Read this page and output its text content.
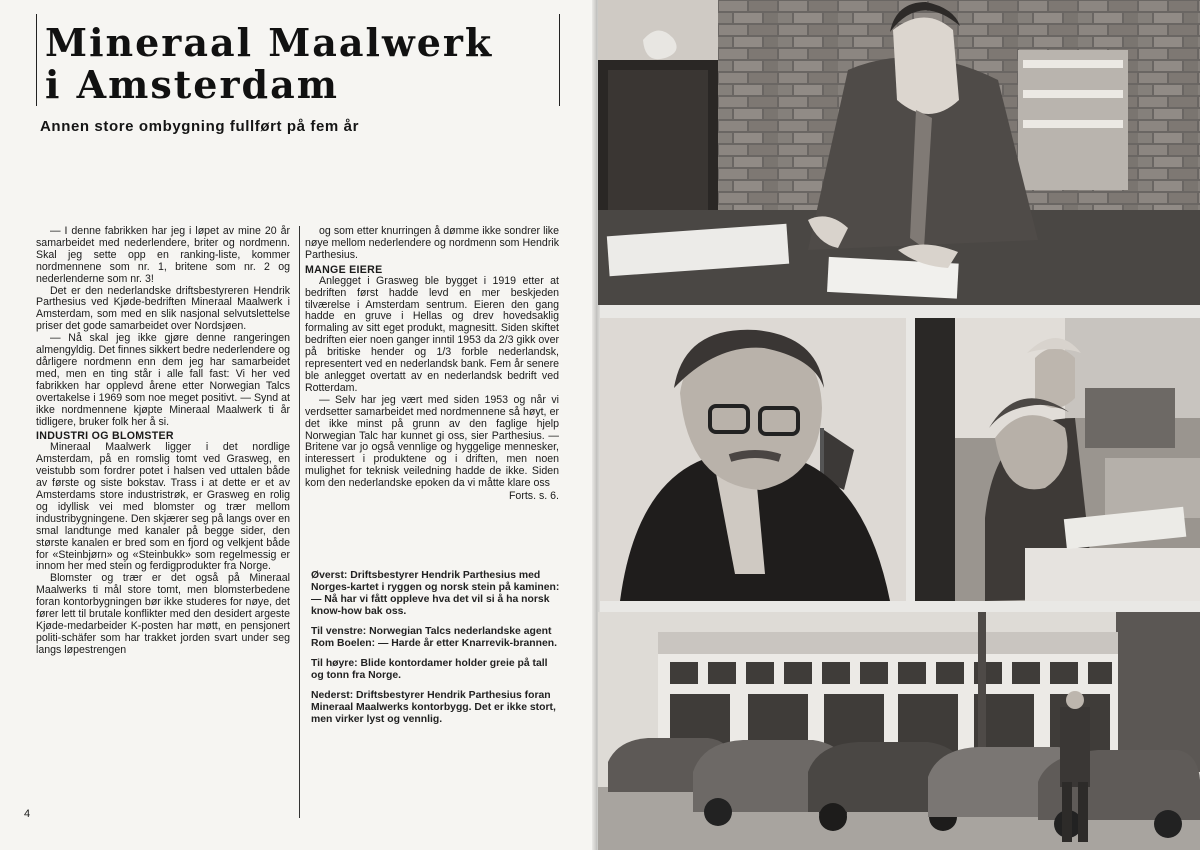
Mineraal Maalwerk
i Amsterdam

Annen store ombygning fullført på fem år

— I denne fabrikken har jeg i løpet av mine 20 år samarbeidet med nederlendere, briter og nordmenn. Skal jeg sette opp en ranking-liste, kommer nordmennene som nr. 1, britene som nr. 2 og nederlenderne som nr. 3!

Det er den nederlandske driftsbestyreren Hendrik Parthesius ved Kjøde-bedriften Mineraal Maalwerk i Amsterdam, som med en slik nasjonal selvutslettelse priser det gode samarbeidet over Nordsjøen.

— Nå skal jeg ikke gjøre denne rangeringen almengyldig. Det finnes sikkert bedre nederlendere og dårligere nordmenn enn dem jeg har samarbeidet med, men en ting står i alle fall fast: Vi her ved fabrikken har opplevd årene etter Norwegian Talcs overtakelse i 1969 som noe meget positivt. — Synd at ikke nordmennene kjøpte Mineraal Maalwerk ti år tidligere, bruker folk her å si.

INDUSTRI OG BLOMSTER

Mineraal Maalwerk ligger i det nordlige Amsterdam, på en romslig tomt ved Grasweg, en veistubb som fordrer potet i halsen ved uttalen både av første og siste bokstav. Trass i at dette er et av Amsterdams store industristrøk, er Grasweg en rolig og idyllisk vei med blomster og trær mellom industribygningene. Den skjærer seg på langs over en smal landtunge med kanaler på begge sider, den største kanalen er bred som en fjord og velkjent både for «Steinbjørn» og «Steinbukk» som regelmessig er innom her med stein og ferdigprodukter fra Norge.

Blomster og trær er det også på Mineraal Maalwerks ti mål store tomt, men blomsterbedene foran kontorbygningen bør ikke studeres for nøye, det fører lett til brutale konflikter med den desidert argeste Kjøde-medarbeider K-posten har møtt, en pensjonert politi-schäfer som har trakket jorden svart under seg langs løpestrengen

og som etter knurringen å dømme ikke sondrer like nøye mellom nederlendere og nordmenn som Hendrik Parthesius.

MANGE EIERE

Anlegget i Grasweg ble bygget i 1919 etter at bedriften først hadde levd en mer beskjeden tilværelse i Amsterdam sentrum. Eieren den gang hadde en gruve i Hellas og drev hovedsaklig formaling av sitt eget produkt, magnesitt. Siden skiftet bedriften eier noen ganger inntil 1953 da 2/3 gikk over på britiske hender og 1/3 forble nederlandsk, representert ved en nederlandsk bank. Fem år senere ble anlegget overtatt av en nederlandsk bedrift ved Rotterdam.

— Selv har jeg vært med siden 1953 og når vi verdsetter samarbeidet med nordmennene så høyt, er det ikke minst på grunn av den faglige hjelp Norwegian Talc har kunnet gi oss, sier Parthesius. — Britene var jo også vennlige og hyggelige mennesker, interessert i produktene og i driften, men noen mulighet for teknisk veiledning hadde de ikke. Siden kom den nederlandske epoken da vi måtte klare oss

Forts. s. 6.

Øverst: Driftsbestyrer Hendrik Parthesius med Norges-kartet i ryggen og norsk stein på kaminen: — Nå har vi fått oppleve hva det vil si å ha norsk know-how bak oss.

Til venstre: Norwegian Talcs nederlandske agent Rom Boelen: — Harde år etter Knarrevik-brannen.

Til høyre: Blide kontordamer holder greie på tall og tonn fra Norge.

Nederst: Driftsbestyrer Hendrik Parthesius foran Mineraal Maalwerks kontorbygg. Det er ikke stort, men virker lyst og vennlig.

4
